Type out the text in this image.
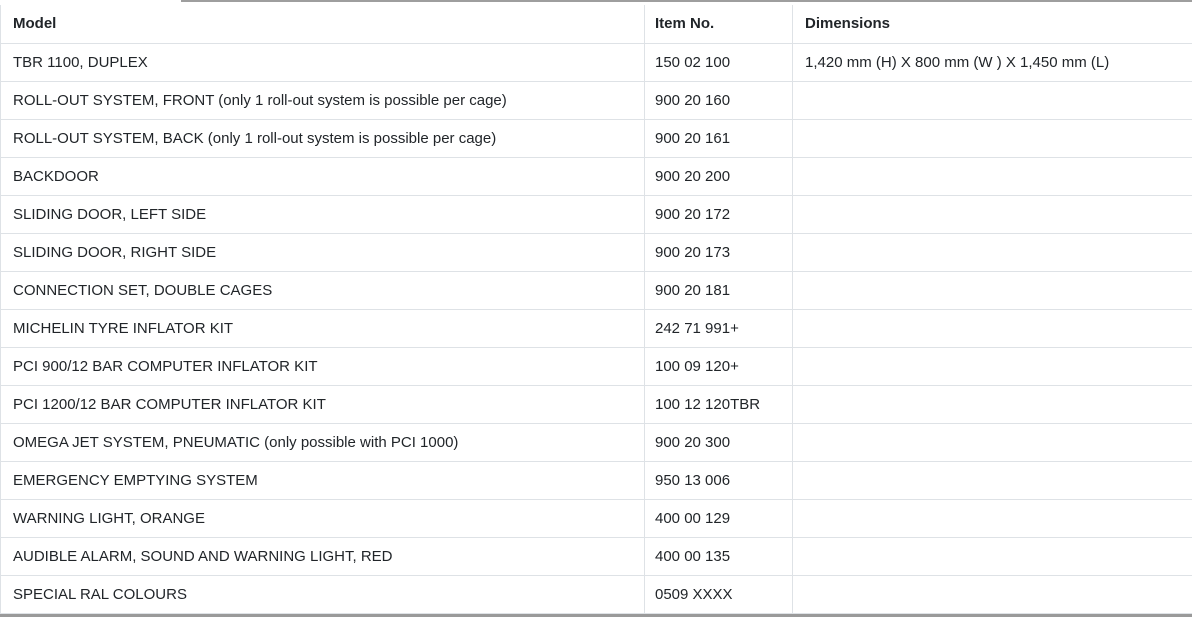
Model	Item No.	Dimensions
TBR 1100, DUPLEX	150 02 100	1,420 mm (H) X 800 mm (W ) X 1,450 mm (L)
ROLL-OUT SYSTEM, FRONT (only 1 roll-out system is possible per cage)	900 20 160	
ROLL-OUT SYSTEM, BACK (only 1 roll-out system is possible per cage)	900 20 161	
BACKDOOR	900 20 200	
SLIDING DOOR, LEFT SIDE	900 20 172	
SLIDING DOOR, RIGHT SIDE	900 20 173	
CONNECTION SET, DOUBLE CAGES	900 20 181	
MICHELIN TYRE INFLATOR KIT	242 71 991+	
PCI 900/12 BAR COMPUTER INFLATOR KIT	100 09 120+	
PCI 1200/12 BAR COMPUTER INFLATOR KIT	100 12 120TBR	
OMEGA JET SYSTEM, PNEUMATIC (only possible with PCI 1000)	900 20 300	
EMERGENCY EMPTYING SYSTEM	950 13 006	
WARNING LIGHT, ORANGE	400 00 129	
AUDIBLE ALARM, SOUND AND WARNING LIGHT, RED	400 00 135	
SPECIAL RAL COLOURS	0509 XXXX	
